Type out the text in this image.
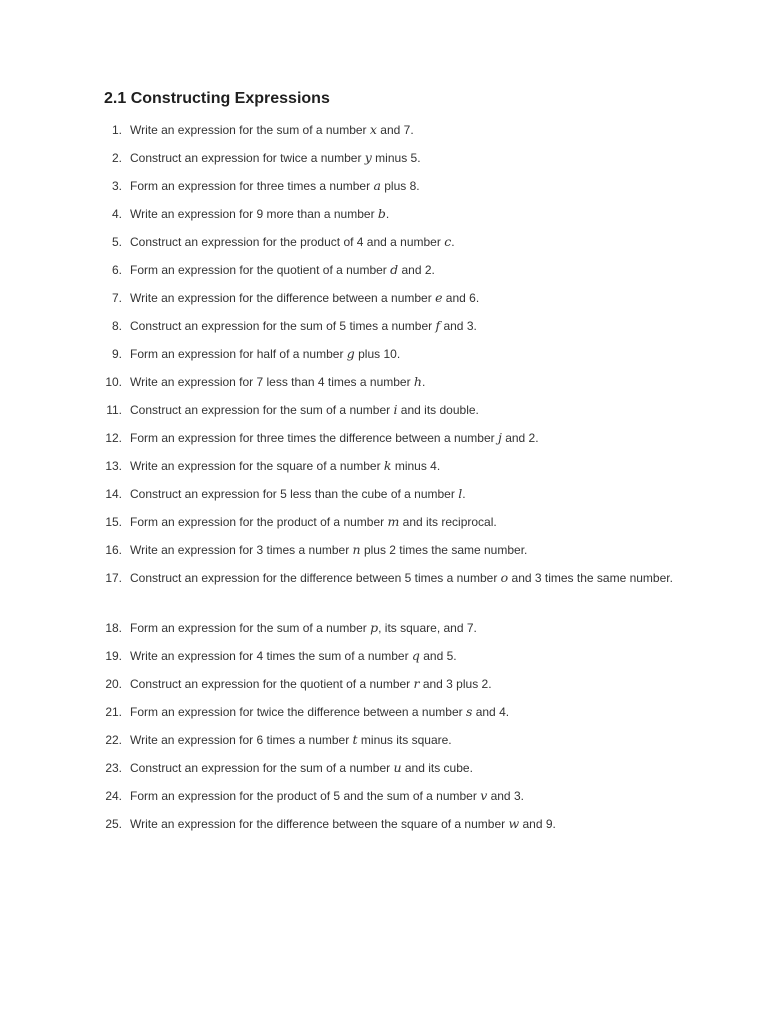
2.1 Constructing Expressions
1. Write an expression for the sum of a number x and 7.
2. Construct an expression for twice a number y minus 5.
3. Form an expression for three times a number a plus 8.
4. Write an expression for 9 more than a number b.
5. Construct an expression for the product of 4 and a number c.
6. Form an expression for the quotient of a number d and 2.
7. Write an expression for the difference between a number e and 6.
8. Construct an expression for the sum of 5 times a number f and 3.
9. Form an expression for half of a number g plus 10.
10. Write an expression for 7 less than 4 times a number h.
11. Construct an expression for the sum of a number i and its double.
12. Form an expression for three times the difference between a number j and 2.
13. Write an expression for the square of a number k minus 4.
14. Construct an expression for 5 less than the cube of a number l.
15. Form an expression for the product of a number m and its reciprocal.
16. Write an expression for 3 times a number n plus 2 times the same number.
17. Construct an expression for the difference between 5 times a number o and 3 times the same number.
18. Form an expression for the sum of a number p, its square, and 7.
19. Write an expression for 4 times the sum of a number q and 5.
20. Construct an expression for the quotient of a number r and 3 plus 2.
21. Form an expression for twice the difference between a number s and 4.
22. Write an expression for 6 times a number t minus its square.
23. Construct an expression for the sum of a number u and its cube.
24. Form an expression for the product of 5 and the sum of a number v and 3.
25. Write an expression for the difference between the square of a number w and 9.
